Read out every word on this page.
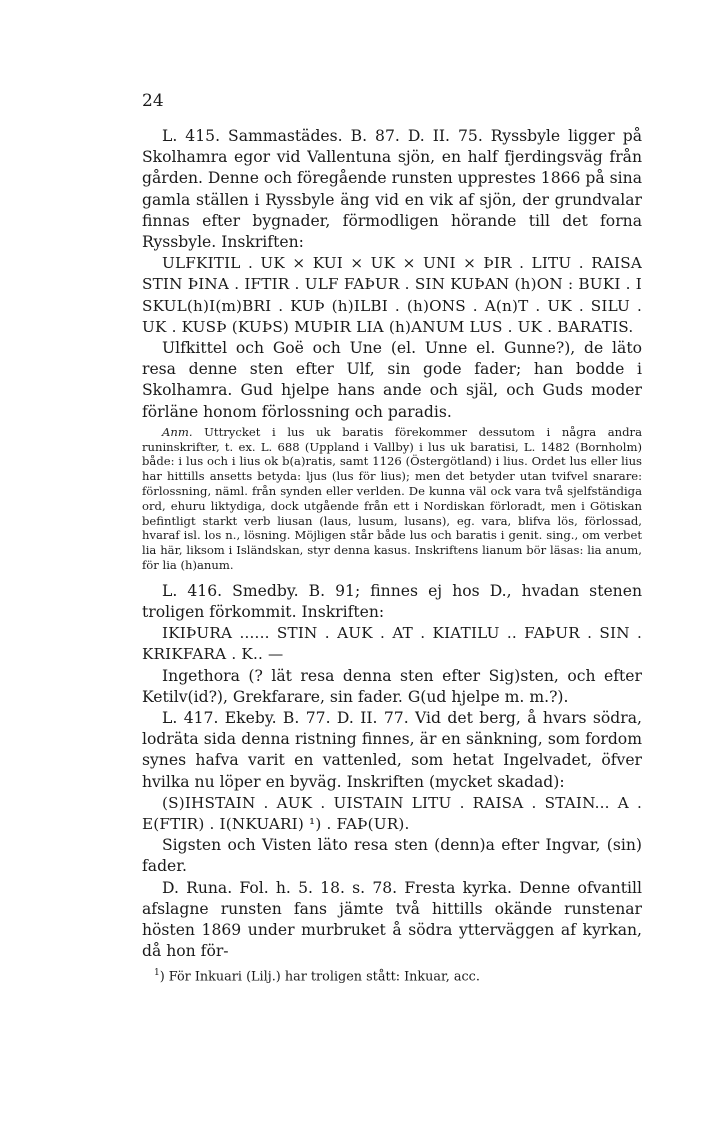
24

L. 415. Sammastädes. B. 87. D. II. 75. Ryssbyle ligger på Skolhamra egor vid Vallentuna sjön, en half fjerdingsväg från gården. Denne och föregående runsten upprestes 1866 på sina gamla ställen i Ryssbyle äng vid en vik af sjön, der grundvalar finnas efter bygnader, förmodligen hörande till det forna Ryssbyle. Inskriften:

ULFKITIL . UK × KUI × UK × UNI × ÞIR . LITU . RAISA STIN ÞINA . IFTIR . ULF FAÞUR . SIN KUÞAN (h)ON : BUKI . I SKUL(h)I(m)BRI . KUÞ (h)ILBI . (h)ONS . A(n)T . UK . SILU . UK . KUSÞ (KUÞS) MUÞIR LIA (h)ANUM LUS . UK . BARATIS.

Ulfkittel och Goë och Une (el. Unne el. Gunne?), de läto resa denne sten efter Ulf, sin gode fader; han bodde i Skolhamra. Gud hjelpe hans ande och själ, och Guds moder förläne honom förlossning och paradis.

Anm. Uttrycket i lus uk baratis förekommer dessutom i några andra runinskrifter, t. ex. L. 688 (Uppland i Vallby) i lus uk baratisi, L. 1482 (Bornholm) både: i lus och i lius ok b(a)ratis, samt 1126 (Östergötland) i lius. Ordet lus eller lius har hittills ansetts betyda: ljus (lus för lius); men det betyder utan tvifvel snarare: förlossning, näml. från synden eller verlden. De kunna väl ock vara två sjelfständiga ord, ehuru liktydiga, dock utgående från ett i Nordiskan förloradt, men i Götiskan befintligt starkt verb liusan (laus, lusum, lusans), eg. vara, blifva lös, förlossad, hvaraf isl. los n., lösning. Möjligen står både lus och baratis i genit. sing., om verbet lia här, liksom i Isländskan, styr denna kasus. Inskriftens lianum bör läsas: lia anum, för lia (h)anum.

L. 416. Smedby. B. 91; finnes ej hos D., hvadan stenen troligen förkommit. Inskriften:

IKIÞURA ...... STIN . AUK . AT . KIATILU .. FAÞUR . SIN . KRIKFARA . K.. —

Ingethora (? lät resa denna sten efter Sig)sten, och efter Ketilv(id?), Grekfarare, sin fader. G(ud hjelpe m. m.?).

L. 417. Ekeby. B. 77. D. II. 77. Vid det berg, å hvars södra, lodräta sida denna ristning finnes, är en sänkning, som fordom synes hafva varit en vattenled, som hetat Ingelvadet, öfver hvilka nu löper en byväg. Inskriften (mycket skadad):

(S)IHSTAIN . AUK . UISTAIN LITU . RAISA . STAIN... A . E(FTIR) . I(NKUARI) ¹) . FAÞ(UR).

Sigsten och Visten läto resa sten (denn)a efter Ingvar, (sin) fader.

D. Runa. Fol. h. 5. 18. s. 78. Fresta kyrka. Denne ofvantill afslagne runsten fans jämte två hittills okände runstenar hösten 1869 under murbruket å södra ytterväggen af kyrkan, då hon för-

$^1$) För Inkuari (Lilj.) har troligen stått: Inkuar, acc.
